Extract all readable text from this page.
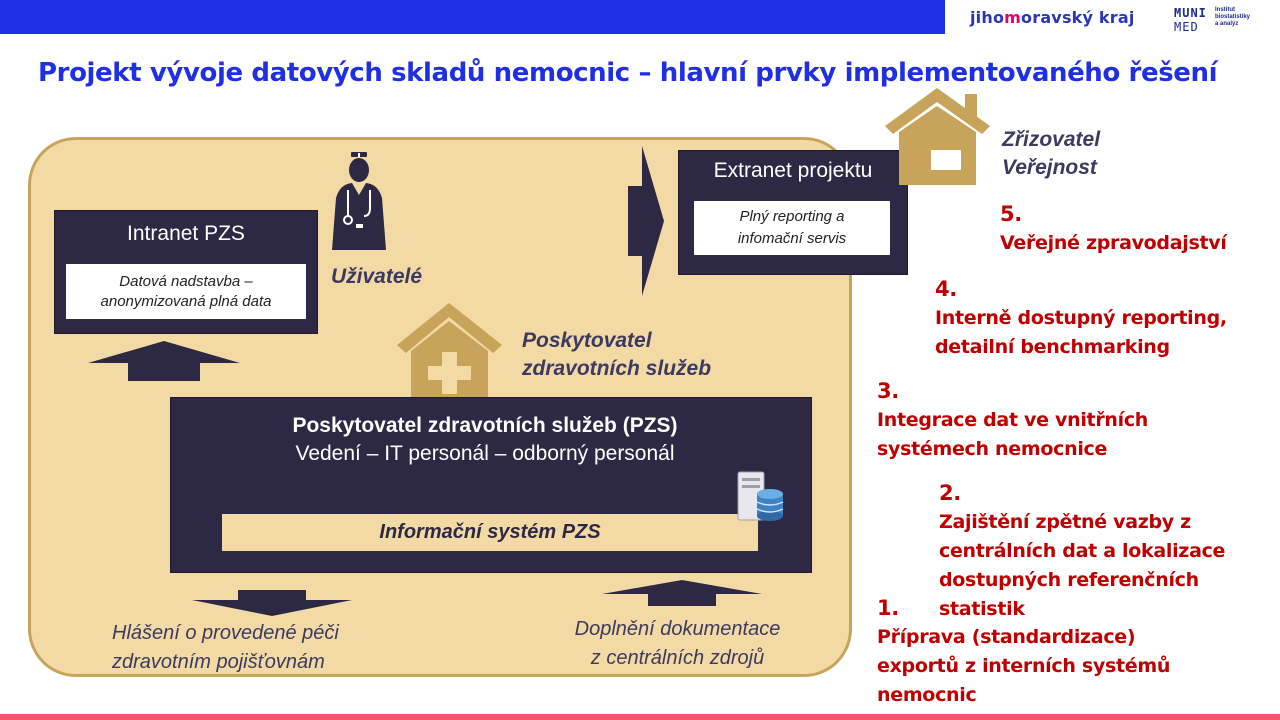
jihomoravský kraj	MUNI
MED
Institut
biostatistiky
a analýz
Projekt vývoje datových skladů nemocnic – hlavní prvky implementovaného řešení
Intranet PZS
Datová nadstavba –
anonymizovaná plná data
Extranet projektu
Plný reporting a
infomační servis
Uživatelé
Poskytovatel
zdravotních služeb
Zřizovatel
Veřejnost
Poskytovatel zdravotních služeb (PZS)
Vedení – IT personál – odborný personál
Informační systém PZS
Hlášení o provedené péči
zdravotním pojišťovnám
Doplnění dokumentace
z centrálních zdrojů
5.
Veřejné zpravodajství
4.
Interně dostupný reporting,
detailní benchmarking
3.
Integrace dat ve vnitřních
systémech nemocnice
2.
Zajištění zpětné vazby z
centrálních dat a lokalizace
dostupných referenčních statistik
1.
Příprava (standardizace)
exportů z interních systémů
nemocnic
